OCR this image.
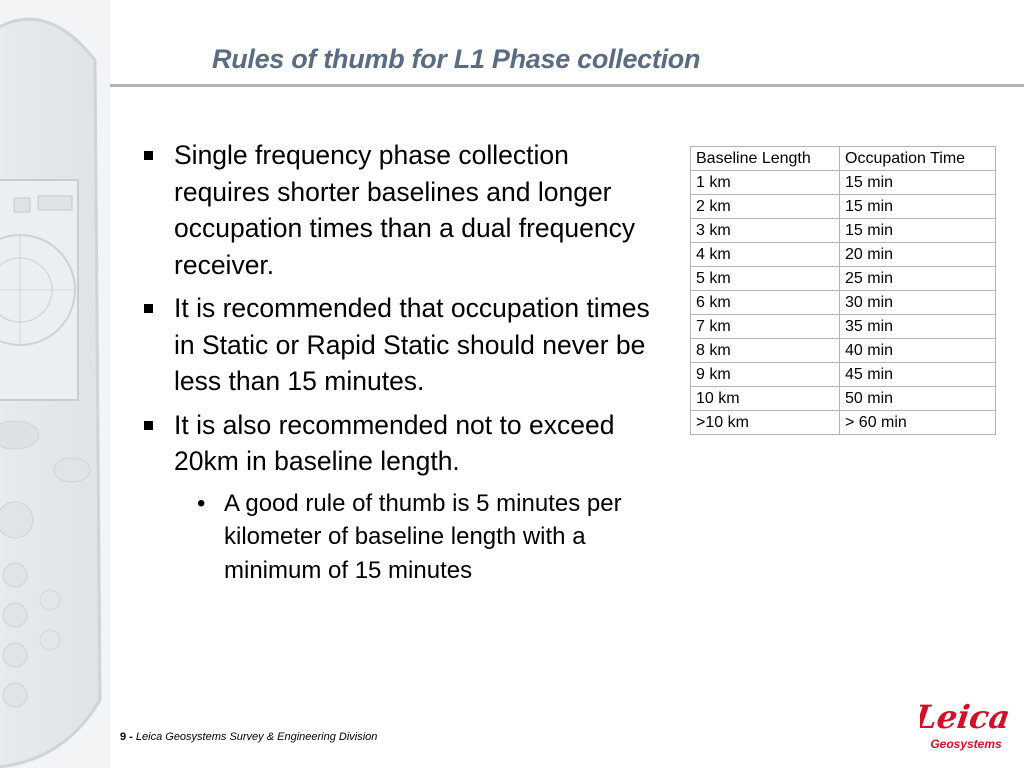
Rules of thumb for L1 Phase collection
Single frequency phase collection requires shorter baselines and longer occupation times than a dual frequency receiver.
It is recommended that occupation times in Static or Rapid Static should never be less than 15 minutes.
It is also recommended not to exceed 20km in baseline length.
• A good rule of thumb is 5 minutes per kilometer of baseline length with a minimum of 15 minutes
Baseline Length	Occupation Time
1 km	15 min
2 km	15 min
3 km	15 min
4 km	20 min
5 km	25 min
6 km	30 min
7 km	35 min
8 km	40 min
9 km	45 min
10 km	50 min
>10 km	> 60 min
9 - Leica Geosystems Survey & Engineering Division
Leica
Geosystems
